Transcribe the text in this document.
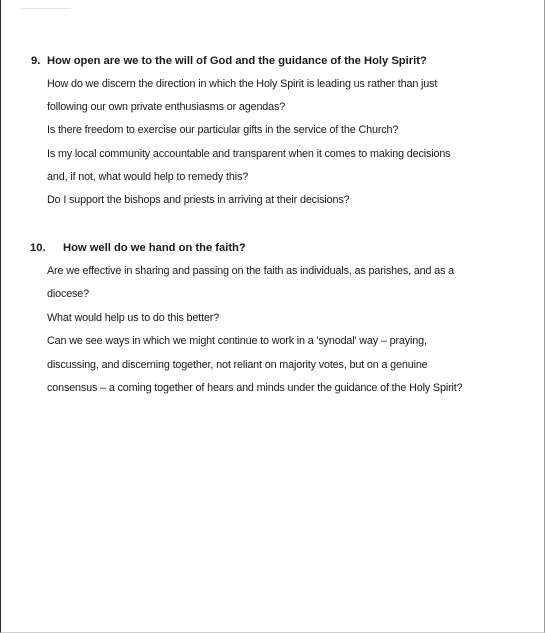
9. How open are we to the will of God and the guidance of the Holy Spirit?
How do we discern the direction in which the Holy Spirit is leading us rather than just
following our own private enthusiasms or agendas?
Is there freedom to exercise our particular gifts in the service of the Church?
Is my local community accountable and transparent when it comes to making decisions
and, if not, what would help to remedy this?
Do I support the bishops and priests in arriving at their decisions?
10. How well do we hand on the faith?
Are we effective in sharing and passing on the faith as individuals, as parishes, and as a
diocese?
What would help us to do this better?
Can we see ways in which we might continue to work in a 'synodal' way – praying,
discussing, and discerning together, not reliant on majority votes, but on a genuine
consensus – a coming together of hears and minds under the guidance of the Holy Spirit?
